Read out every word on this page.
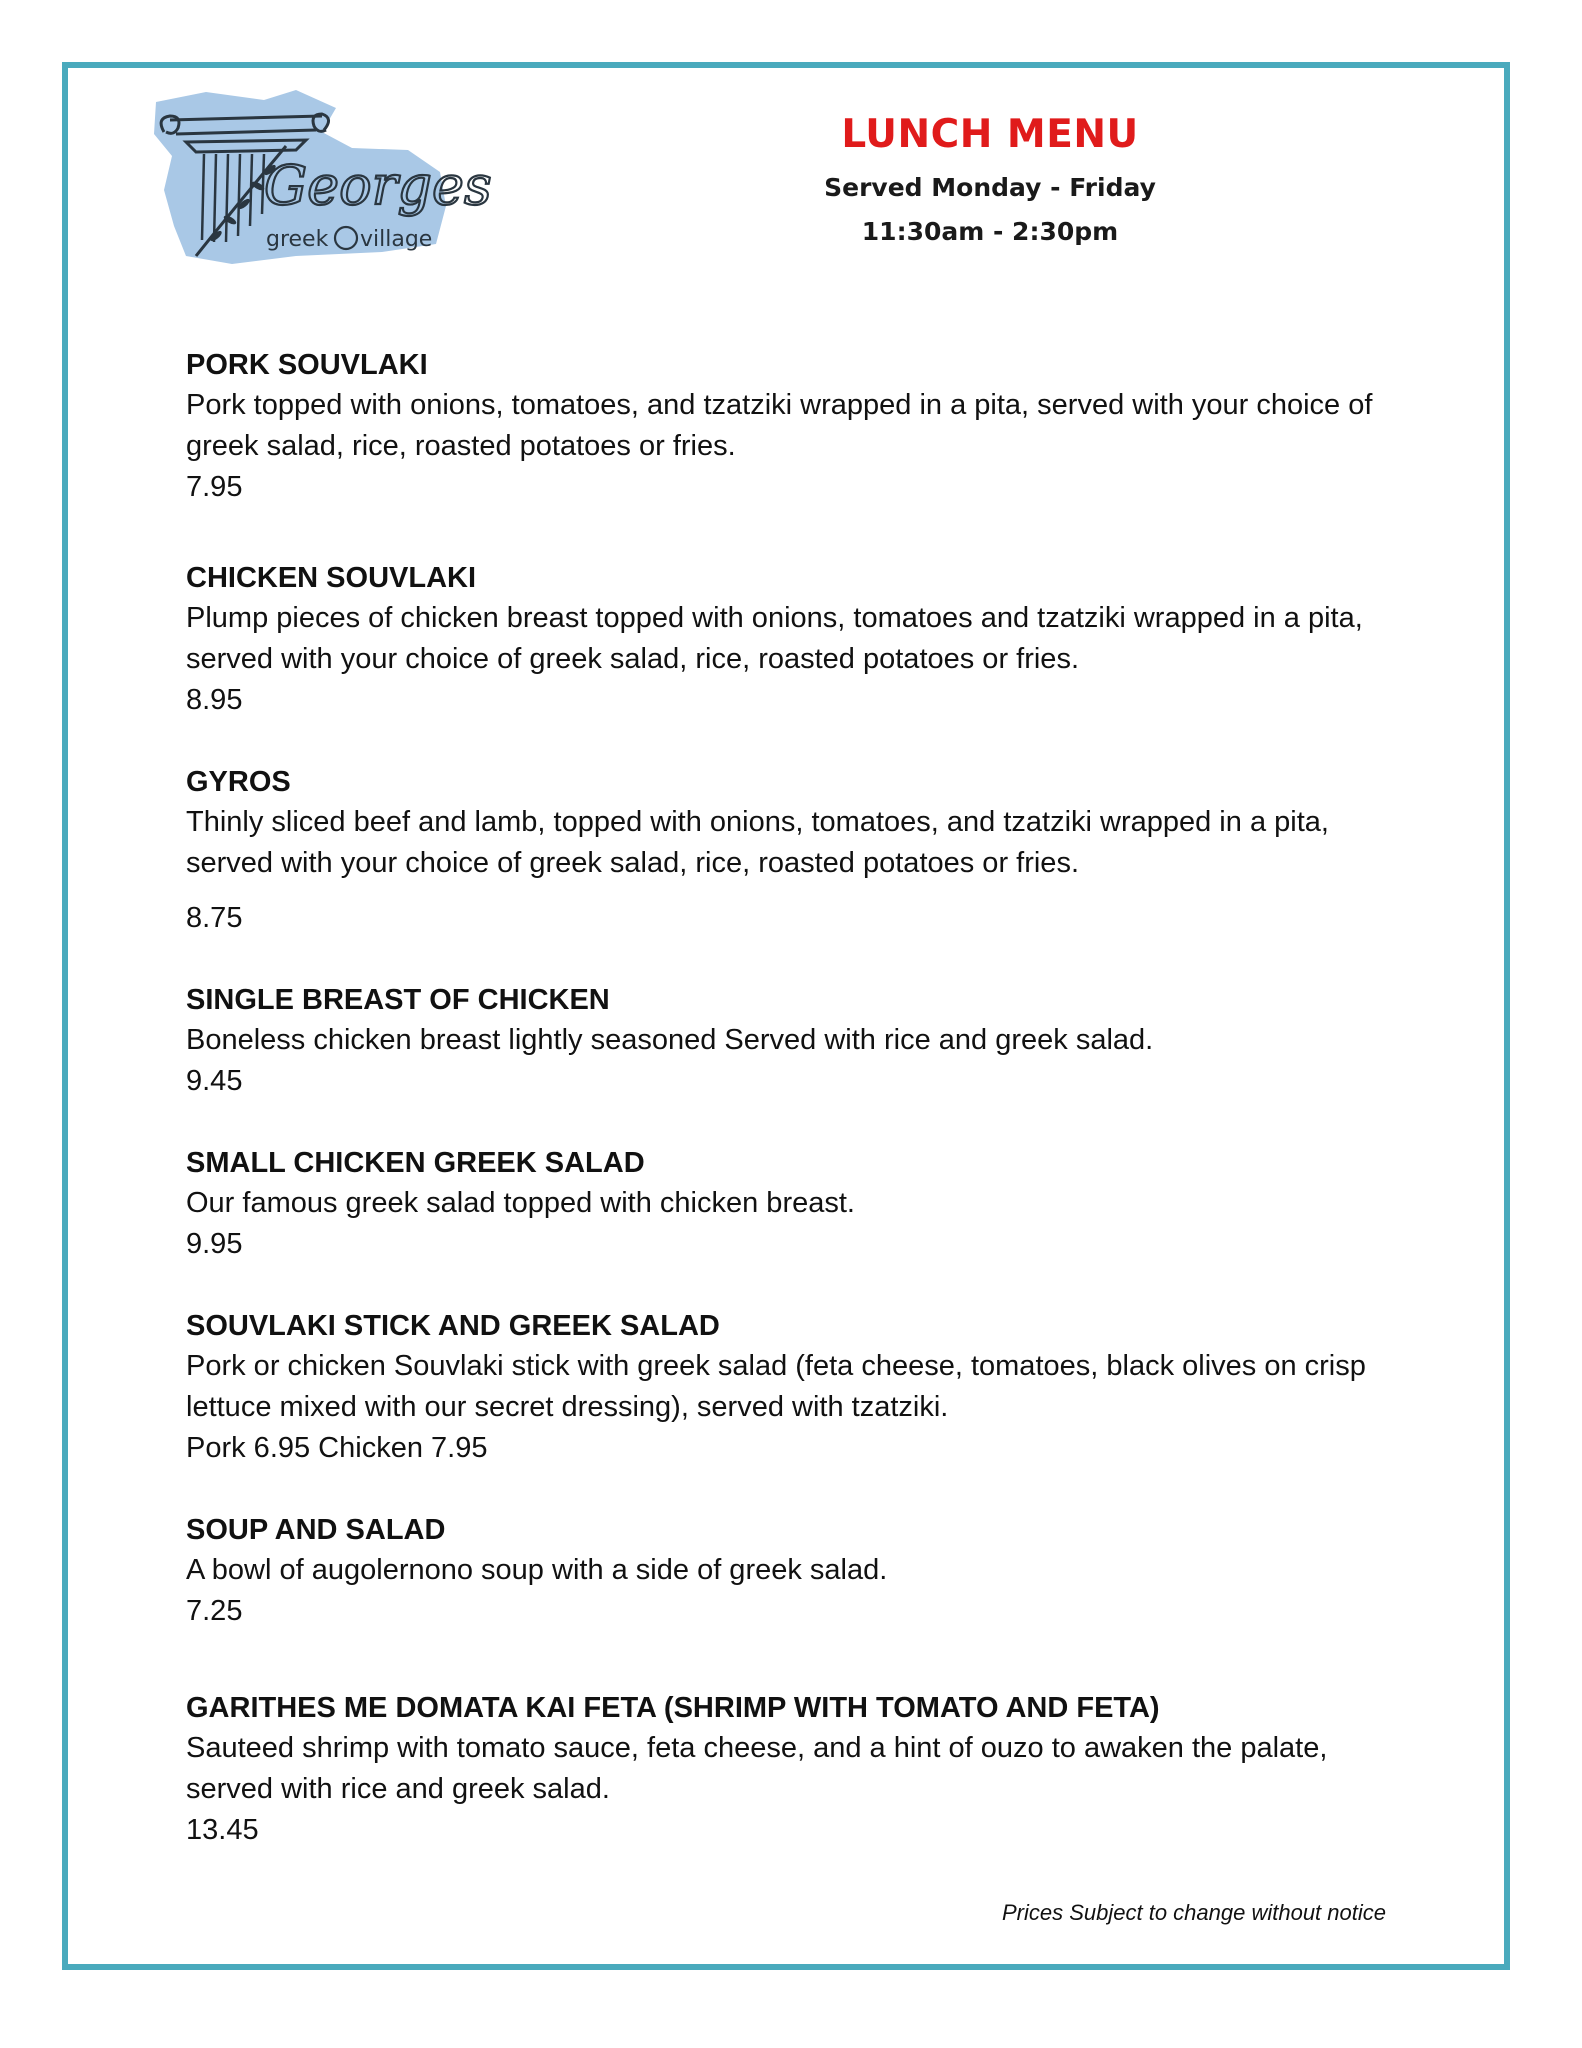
Georges
greek village
LUNCH MENU
Served Monday - Friday
11:30am - 2:30pm
PORK SOUVLAKI
Pork topped with onions, tomatoes, and tzatziki wrapped in a pita, served with your choice of greek salad, rice, roasted potatoes or fries.
7.95
CHICKEN SOUVLAKI
Plump pieces of chicken breast topped with onions, tomatoes and tzatziki wrapped in a pita, served with your choice of greek salad, rice, roasted potatoes or fries.
8.95
GYROS
Thinly sliced beef and lamb, topped with onions, tomatoes, and tzatziki wrapped in a pita, served with your choice of greek salad, rice, roasted potatoes or fries.
8.75
SINGLE BREAST OF CHICKEN
Boneless chicken breast lightly seasoned Served with rice and greek salad.
9.45
SMALL CHICKEN GREEK SALAD
Our famous greek salad topped with chicken breast.
9.95
SOUVLAKI STICK AND GREEK SALAD
Pork or chicken Souvlaki stick with greek salad (feta cheese, tomatoes, black olives on crisp lettuce mixed with our secret dressing), served with tzatziki.
Pork 6.95 Chicken 7.95
SOUP AND SALAD
A bowl of augolernono soup with a side of greek salad.
7.25
GARITHES ME DOMATA KAI FETA (SHRIMP WITH TOMATO AND FETA)
Sauteed shrimp with tomato sauce, feta cheese, and a hint of ouzo to awaken the palate, served with rice and greek salad.
13.45
Prices Subject to change without notice
